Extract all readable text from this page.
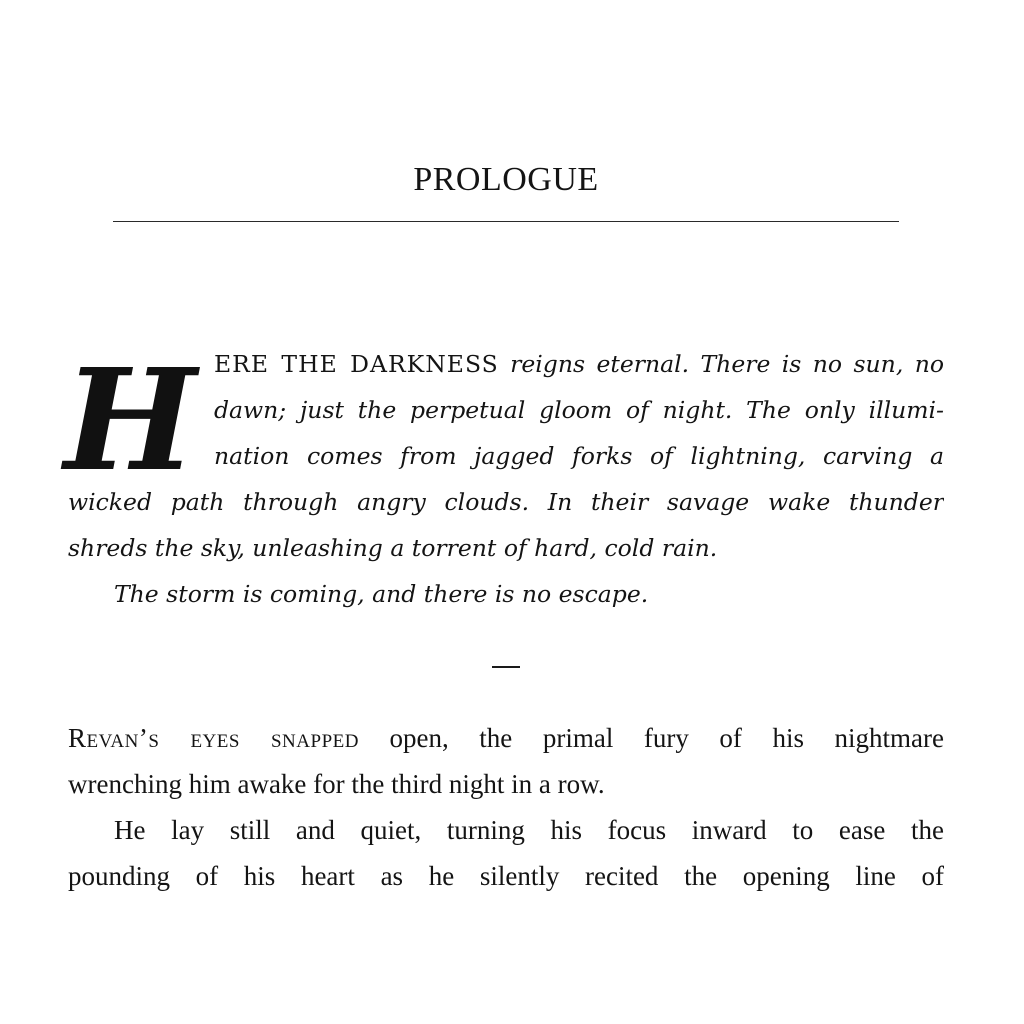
PROLOGUE
H ERE THE DARKNESS reigns eternal. There is no sun, no
dawn; just the perpetual gloom of night. The only illumi-
nation comes from jagged forks of lightning, carving a
wicked path through angry clouds. In their savage wake thunder
shreds the sky, unleashing a torrent of hard, cold rain.
The storm is coming, and there is no escape.
Revan’s eyes snapped open, the primal fury of his nightmare
wrenching him awake for the third night in a row.
He lay still and quiet, turning his focus inward to ease the
pounding of his heart as he silently recited the opening line of
